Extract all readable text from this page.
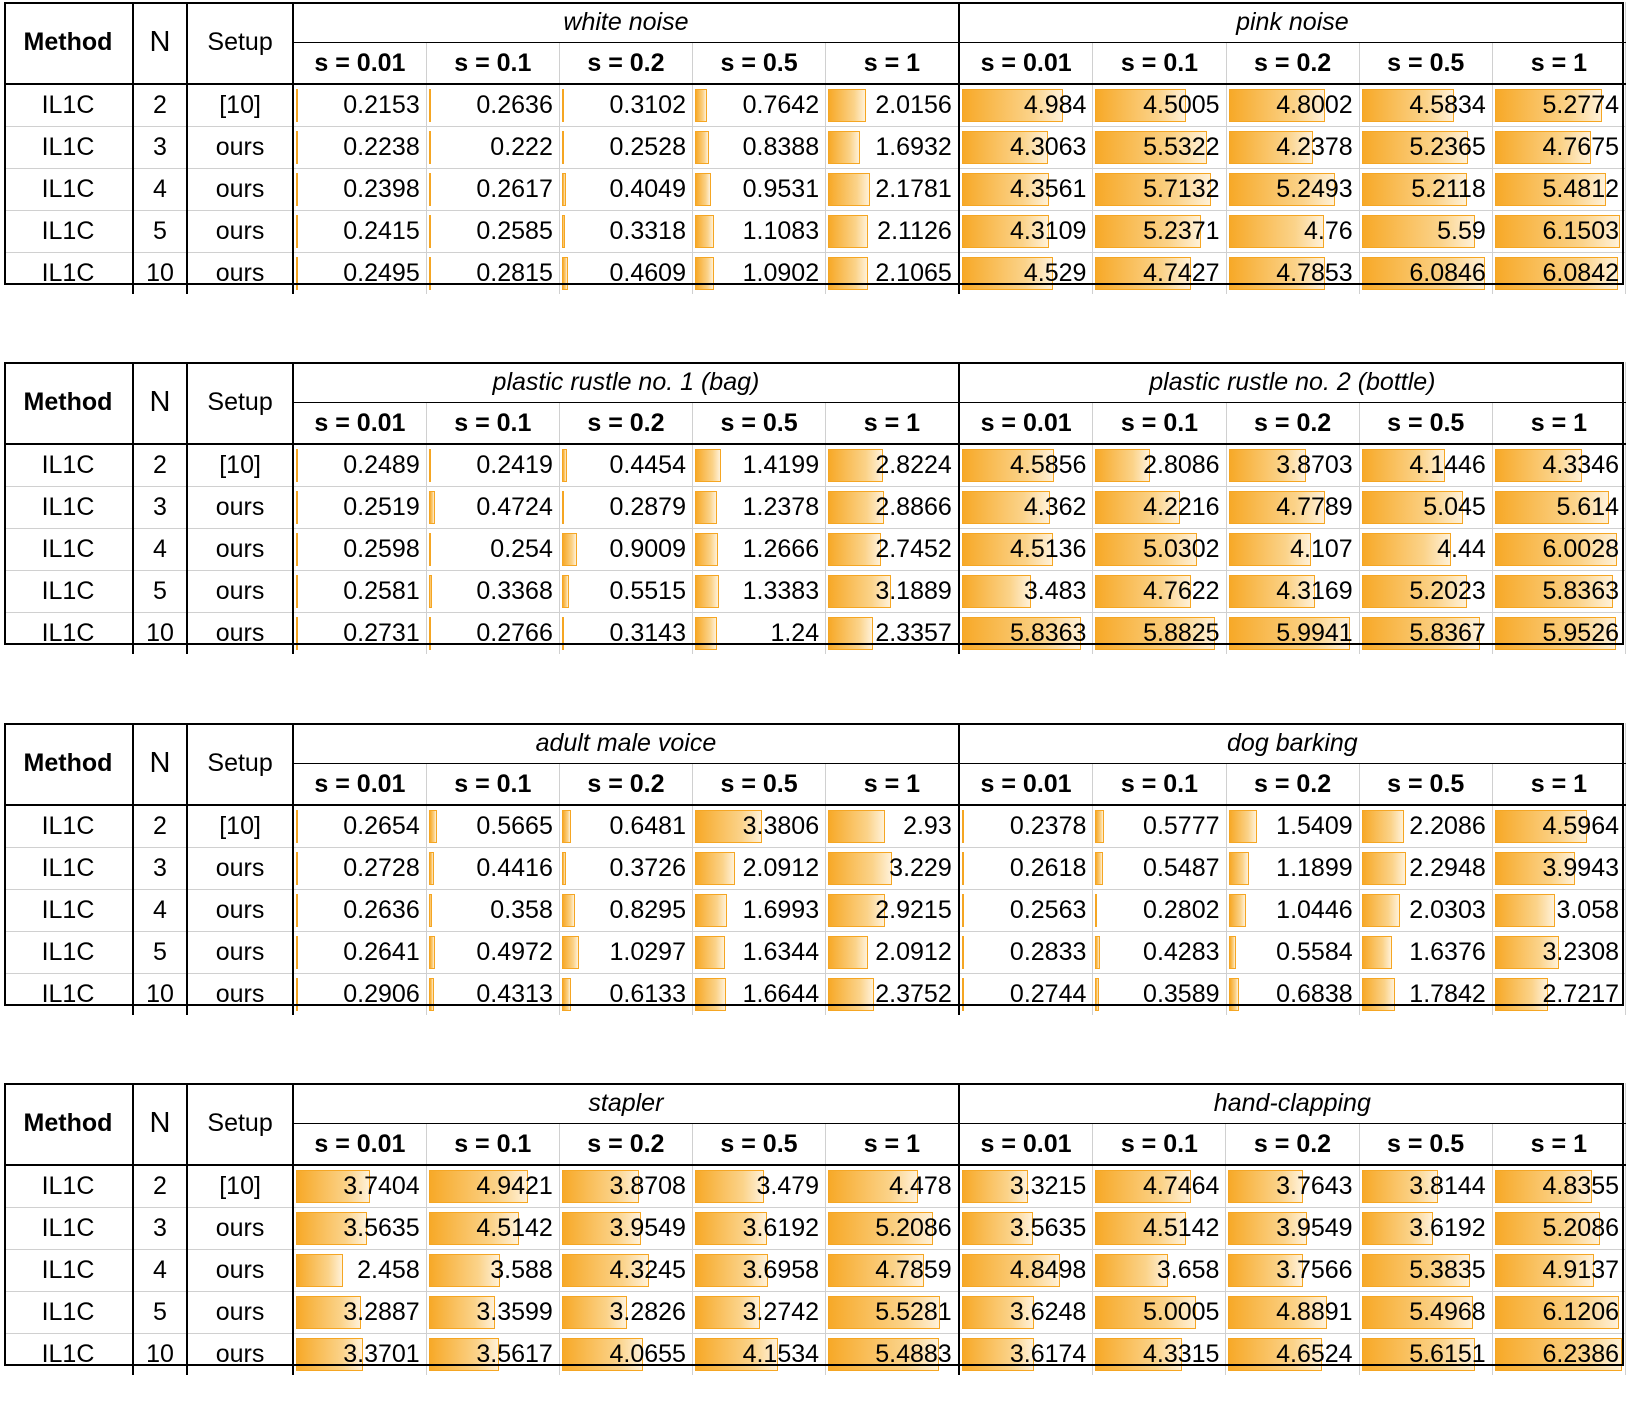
Method	N	Setup	white noise					pink noise				
			s = 0.01	s = 0.1	s = 0.2	s = 0.5	s = 1	s = 0.01	s = 0.1	s = 0.2	s = 0.5	s = 1
IL1C	2	[10]	0.2153	0.2636	0.3102	0.7642	2.0156	4.984	4.5005	4.8002	4.5834	5.2774
IL1C	3	ours	0.2238	0.222	0.2528	0.8388	1.6932	4.3063	5.5322	4.2378	5.2365	4.7675
IL1C	4	ours	0.2398	0.2617	0.4049	0.9531	2.1781	4.3561	5.7132	5.2493	5.2118	5.4812
IL1C	5	ours	0.2415	0.2585	0.3318	1.1083	2.1126	4.3109	5.2371	4.76	5.59	6.1503
IL1C	10	ours	0.2495	0.2815	0.4609	1.0902	2.1065	4.529	4.7427	4.7853	6.0846	6.0842
Method	N	Setup	plastic rustle no. 1 (bag)					plastic rustle no. 2 (bottle)				
			s = 0.01	s = 0.1	s = 0.2	s = 0.5	s = 1	s = 0.01	s = 0.1	s = 0.2	s = 0.5	s = 1
IL1C	2	[10]	0.2489	0.2419	0.4454	1.4199	2.8224	4.5856	2.8086	3.8703	4.1446	4.3346
IL1C	3	ours	0.2519	0.4724	0.2879	1.2378	2.8866	4.362	4.2216	4.7789	5.045	5.614
IL1C	4	ours	0.2598	0.254	0.9009	1.2666	2.7452	4.5136	5.0302	4.107	4.44	6.0028
IL1C	5	ours	0.2581	0.3368	0.5515	1.3383	3.1889	3.483	4.7622	4.3169	5.2023	5.8363
IL1C	10	ours	0.2731	0.2766	0.3143	1.24	2.3357	5.8363	5.8825	5.9941	5.8367	5.9526
Method	N	Setup	adult male voice					dog barking				
			s = 0.01	s = 0.1	s = 0.2	s = 0.5	s = 1	s = 0.01	s = 0.1	s = 0.2	s = 0.5	s = 1
IL1C	2	[10]	0.2654	0.5665	0.6481	3.3806	2.93	0.2378	0.5777	1.5409	2.2086	4.5964
IL1C	3	ours	0.2728	0.4416	0.3726	2.0912	3.229	0.2618	0.5487	1.1899	2.2948	3.9943
IL1C	4	ours	0.2636	0.358	0.8295	1.6993	2.9215	0.2563	0.2802	1.0446	2.0303	3.058
IL1C	5	ours	0.2641	0.4972	1.0297	1.6344	2.0912	0.2833	0.4283	0.5584	1.6376	3.2308
IL1C	10	ours	0.2906	0.4313	0.6133	1.6644	2.3752	0.2744	0.3589	0.6838	1.7842	2.7217
Method	N	Setup	stapler					hand-clapping				
			s = 0.01	s = 0.1	s = 0.2	s = 0.5	s = 1	s = 0.01	s = 0.1	s = 0.2	s = 0.5	s = 1
IL1C	2	[10]	3.7404	4.9421	3.8708	3.479	4.478	3.3215	4.7464	3.7643	3.8144	4.8355
IL1C	3	ours	3.5635	4.5142	3.9549	3.6192	5.2086	3.5635	4.5142	3.9549	3.6192	5.2086
IL1C	4	ours	2.458	3.588	4.3245	3.6958	4.7859	4.8498	3.658	3.7566	5.3835	4.9137
IL1C	5	ours	3.2887	3.3599	3.2826	3.2742	5.5281	3.6248	5.0005	4.8891	5.4968	6.1206
IL1C	10	ours	3.3701	3.5617	4.0655	4.1534	5.4883	3.6174	4.3315	4.6524	5.6151	6.2386
